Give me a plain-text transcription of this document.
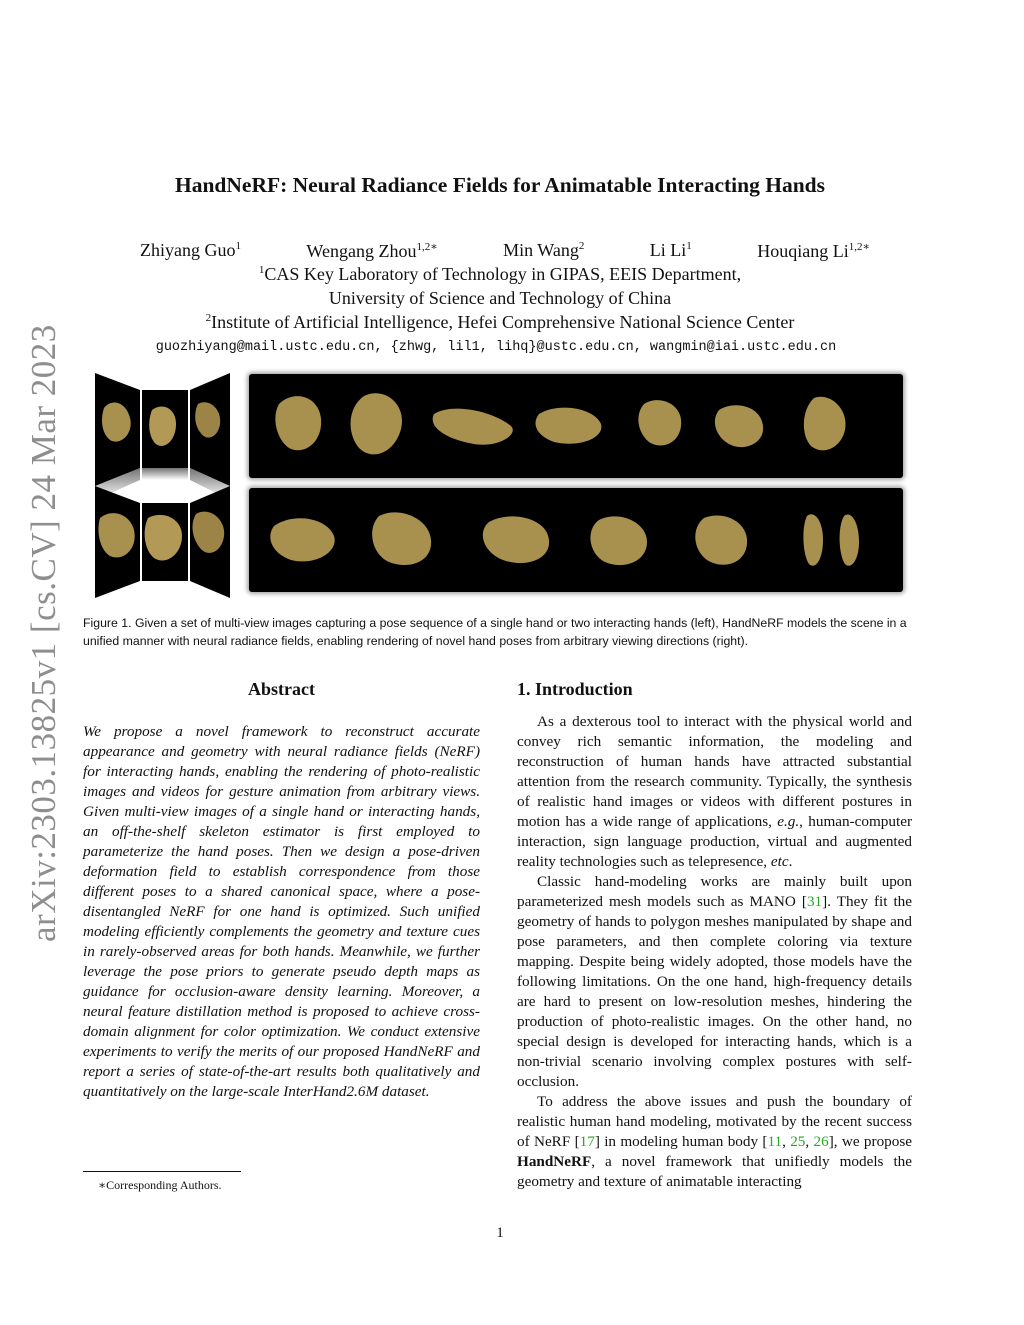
arXiv:2303.13825v1 [cs.CV] 24 Mar 2023
HandNeRF: Neural Radiance Fields for Animatable Interacting Hands
Zhiyang Guo$^1$	Wengang Zhou$^{1,2∗}$	Min Wang$^2$	Li Li$^1$	Houqiang $Li^{1,2∗}$
$^1$CAS Key Laboratory of Technology in GIPAS, EEIS Department,
University of Science and Technology of China
$^2$Institute of Artificial Intelligence, Hefei Comprehensive National Science Center
guozhiyang@mail.ustc.edu.cn, {zhwg, lil1, lihq}@ustc.edu.cn, wangmin@iai.ustc.edu.cn
Figure 1. Given a set of multi-view images capturing a pose sequence of a single hand or two interacting hands (left), HandNeRF models the scene in a unified manner with neural radiance fields, enabling rendering of novel hand poses from arbitrary viewing directions (right).
Abstract
We propose a novel framework to reconstruct accurate appearance and geometry with neural radiance fields (NeRF) for interacting hands, enabling the rendering of photo-realistic images and videos for gesture animation from arbitrary views. Given multi-view images of a single hand or interacting hands, an off-the-shelf skeleton estimator is first employed to parameterize the hand poses. Then we design a pose-driven deformation field to establish correspondence from those different poses to a shared canonical space, where a pose-disentangled NeRF for one hand is optimized. Such unified modeling efficiently complements the geometry and texture cues in rarely-observed areas for both hands. Meanwhile, we further leverage the pose priors to generate pseudo depth maps as guidance for occlusion-aware density learning. Moreover, a neural feature distillation method is proposed to achieve cross-domain alignment for color optimization. We conduct extensive experiments to verify the merits of our proposed HandNeRF and report a series of state-of-the-art results both qualitatively and quantitatively on the large-scale InterHand2.6M dataset.
1. Introduction

As a dexterous tool to interact with the physical world and convey rich semantic information, the modeling and reconstruction of human hands have attracted substantial attention from the research community. Typically, the synthesis of realistic hand images or videos with different postures in motion has a wide range of applications, e.g., human-computer interaction, sign language production, virtual and augmented reality technologies such as telepresence, etc.

Classic hand-modeling works are mainly built upon parameterized mesh models such as MANO [31]. They fit the geometry of hands to polygon meshes manipulated by shape and pose parameters, and then complete coloring via texture mapping. Despite being widely adopted, those models have the following limitations. On the one hand, high-frequency details are hard to present on low-resolution meshes, hindering the production of photo-realistic images. On the other hand, no special design is developed for interacting hands, which is a non-trivial scenario involving complex postures with self-occlusion.

To address the above issues and push the boundary of realistic human hand modeling, motivated by the recent success of NeRF [17] in modeling human body [11, 25, 26], we propose HandNeRF, a novel framework that unifiedly models the geometry and texture of animatable interacting

∗Corresponding Authors.
1
